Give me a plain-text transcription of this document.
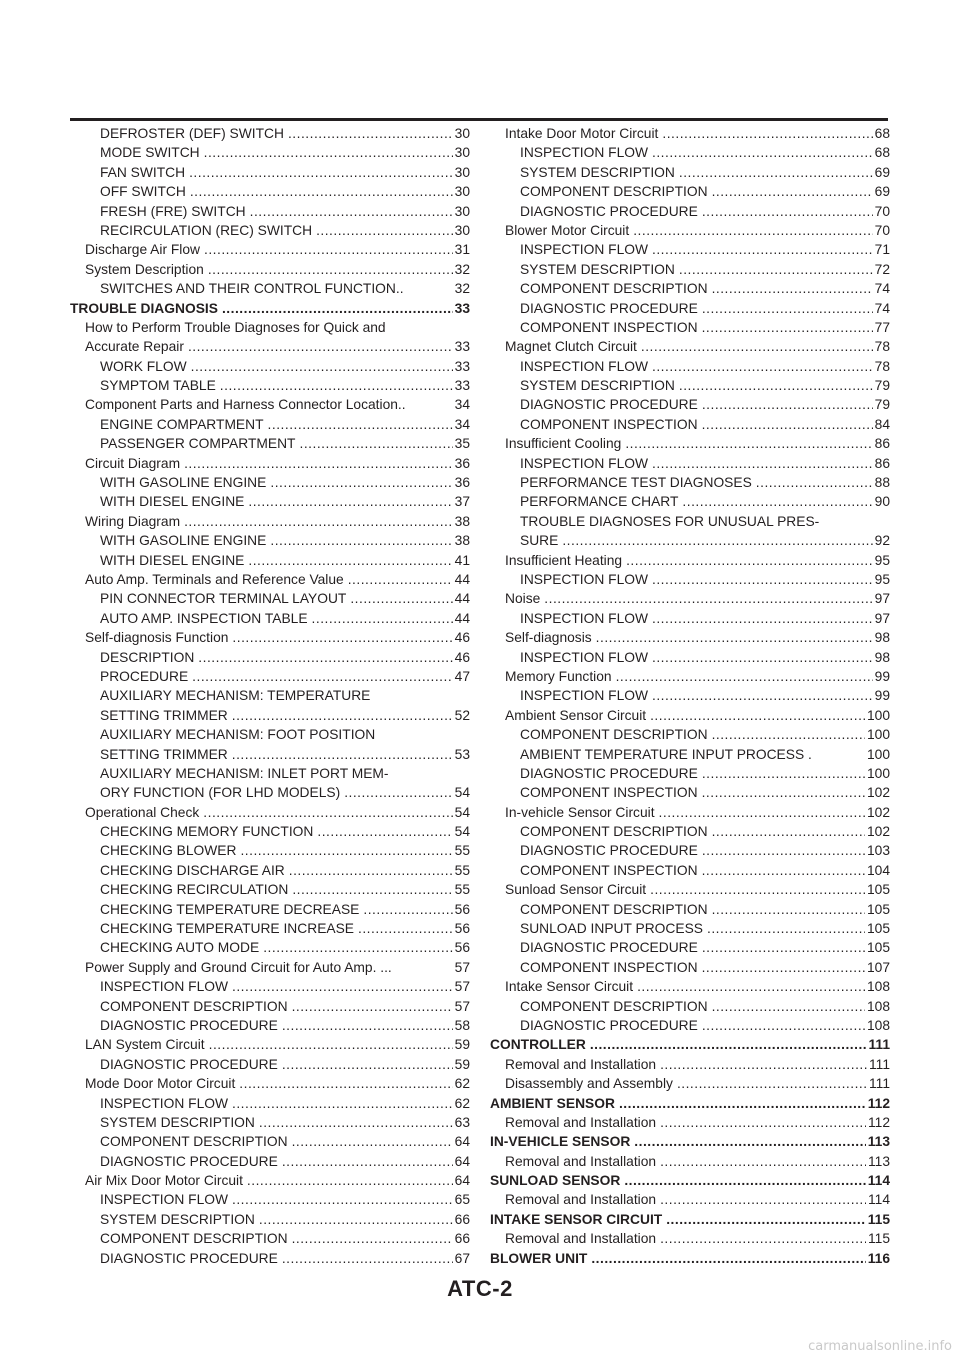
DEFROSTER (DEF) SWITCH .....	30
MODE SWITCH .....	30
FAN SWITCH .....	30
OFF SWITCH .....	30
FRESH (FRE) SWITCH .....	30
RECIRCULATION (REC) SWITCH .....	30
Discharge Air Flow .....	31
System Description .....	32
SWITCHES AND THEIR CONTROL FUNCTION..	32
TROUBLE DIAGNOSIS .....	33
How to Perform Trouble Diagnoses for Quick and
Accurate Repair .....	33
WORK FLOW .....	33
SYMPTOM TABLE .....	33
Component Parts and Harness Connector Location..	34
ENGINE COMPARTMENT .....	34
PASSENGER COMPARTMENT .....	35
Circuit Diagram .....	36
WITH GASOLINE ENGINE .....	36
WITH DIESEL ENGINE .....	37
Wiring Diagram .....	38
WITH GASOLINE ENGINE .....	38
WITH DIESEL ENGINE .....	41
Auto Amp. Terminals and Reference Value .....	44
PIN CONNECTOR TERMINAL LAYOUT .....	44
AUTO AMP. INSPECTION TABLE .....	44
Self-diagnosis Function .....	46
DESCRIPTION .....	46
PROCEDURE .....	47
AUXILIARY MECHANISM: TEMPERATURE
SETTING TRIMMER .....	52
AUXILIARY MECHANISM: FOOT POSITION
SETTING TRIMMER .....	53
AUXILIARY MECHANISM: INLET PORT MEM-
ORY FUNCTION (FOR LHD MODELS) .....	54
Operational Check .....	54
CHECKING MEMORY FUNCTION .....	54
CHECKING BLOWER .....	55
CHECKING DISCHARGE AIR .....	55
CHECKING RECIRCULATION .....	55
CHECKING TEMPERATURE DECREASE .....	56
CHECKING TEMPERATURE INCREASE .....	56
CHECKING AUTO MODE .....	56
Power Supply and Ground Circuit for Auto Amp. ...	57
INSPECTION FLOW .....	57
COMPONENT DESCRIPTION .....	57
DIAGNOSTIC PROCEDURE .....	58
LAN System Circuit .....	59
DIAGNOSTIC PROCEDURE .....	59
Mode Door Motor Circuit .....	62
INSPECTION FLOW .....	62
SYSTEM DESCRIPTION .....	63
COMPONENT DESCRIPTION .....	64
DIAGNOSTIC PROCEDURE .....	64
Air Mix Door Motor Circuit .....	64
INSPECTION FLOW .....	65
SYSTEM DESCRIPTION .....	66
COMPONENT DESCRIPTION .....	66
DIAGNOSTIC PROCEDURE .....	67
Intake Door Motor Circuit .....	68
INSPECTION FLOW .....	68
SYSTEM DESCRIPTION .....	69
COMPONENT DESCRIPTION .....	69
DIAGNOSTIC PROCEDURE .....	70
Blower Motor Circuit .....	70
INSPECTION FLOW .....	71
SYSTEM DESCRIPTION .....	72
COMPONENT DESCRIPTION .....	74
DIAGNOSTIC PROCEDURE .....	74
COMPONENT INSPECTION .....	77
Magnet Clutch Circuit .....	78
INSPECTION FLOW .....	78
SYSTEM DESCRIPTION .....	79
DIAGNOSTIC PROCEDURE .....	79
COMPONENT INSPECTION .....	84
Insufficient Cooling .....	86
INSPECTION FLOW .....	86
PERFORMANCE TEST DIAGNOSES .....	88
PERFORMANCE CHART .....	90
TROUBLE DIAGNOSES FOR UNUSUAL PRES-
SURE .....	92
Insufficient Heating .....	95
INSPECTION FLOW .....	95
Noise .....	97
INSPECTION FLOW .....	97
Self-diagnosis .....	98
INSPECTION FLOW .....	98
Memory Function .....	99
INSPECTION FLOW .....	99
Ambient Sensor Circuit .....	100
COMPONENT DESCRIPTION .....	100
AMBIENT TEMPERATURE INPUT PROCESS .	100
DIAGNOSTIC PROCEDURE .....	100
COMPONENT INSPECTION .....	102
In-vehicle Sensor Circuit .....	102
COMPONENT DESCRIPTION .....	102
DIAGNOSTIC PROCEDURE .....	103
COMPONENT INSPECTION .....	104
Sunload Sensor Circuit .....	105
COMPONENT DESCRIPTION .....	105
SUNLOAD INPUT PROCESS .....	105
DIAGNOSTIC PROCEDURE .....	105
COMPONENT INSPECTION .....	107
Intake Sensor Circuit .....	108
COMPONENT DESCRIPTION .....	108
DIAGNOSTIC PROCEDURE .....	108
CONTROLLER .....	111
Removal and Installation .....	111
Disassembly and Assembly .....	111
AMBIENT SENSOR .....	112
Removal and Installation .....	112
IN-VEHICLE SENSOR .....	113
Removal and Installation .....	113
SUNLOAD SENSOR .....	114
Removal and Installation .....	114
INTAKE SENSOR CIRCUIT .....	115
Removal and Installation .....	115
BLOWER UNIT .....	116
ATC-2
carmanualsonline.info
